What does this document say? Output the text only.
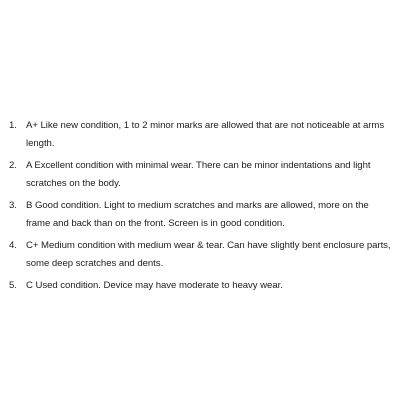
1. A+ Like new condition, 1 to 2 minor marks are allowed that are not noticeable at arms length.
2. A Excellent condition with minimal wear. There can be minor indentations and light scratches on the body.
3. B Good condition. Light to medium scratches and marks are allowed, more on the frame and back than on the front. Screen is in good condition.
4. C+ Medium condition with medium wear & tear. Can have slightly bent enclosure parts, some deep scratches and dents.
5. C Used condition. Device may have moderate to heavy wear.
